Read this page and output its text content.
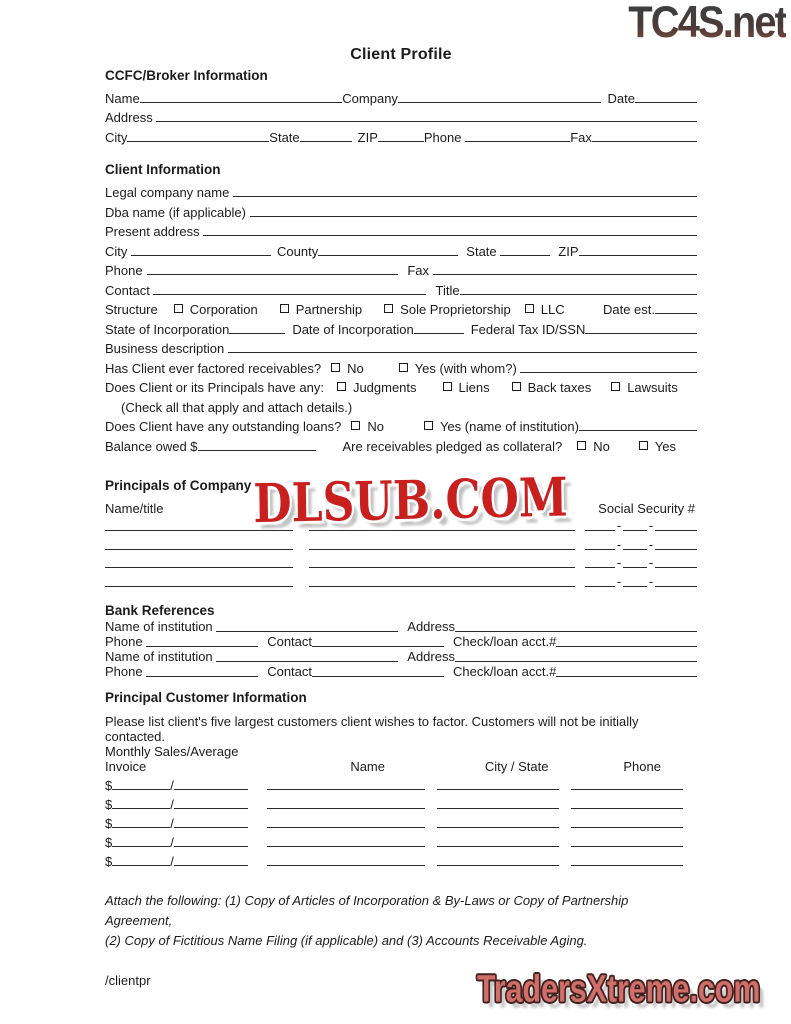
TC4S.net
DLSUB.COM
TradersXtreme.com
Client Profile
CCFC/Broker Information
Name	Company	Date
Address
City	State	ZIP	Phone	Fax
Client Information
Legal company name
Dba name (if applicable)
Present address
City	County	State	ZIP
Phone	Fax
Contact	Title
Structure Corporation	Partnership	Sole Proprietorship LLC	Date est.
State of Incorporation	Date of Incorporation	Federal Tax ID/SSN
Business description
Has Client ever factored receivables? No	Yes (with whom?)
Does Client or its Principals have any: Judgments	Liens	Back taxes	Lawsuits
(Check all that apply and attach details.)
Does Client have any outstanding loans? No	Yes (name of institution)
Balance owed $	Are receivables pledged as collateral? No	Yes
Principals of Company
Name/title	Social Security #
- -
- -
- -
- -
Bank References
Name of institution	Address
Phone	Contact	Check/loan acct.#
Name of institution	Address
Phone	Contact	Check/loan acct.#
Principal Customer Information
Please list client's five largest customers client wishes to factor. Customers will not be initially contacted.
Monthly Sales/Average Invoice	Name	City / State	Phone
$	/
$	/
$	/
$	/
$	/
Attach the following: (1) Copy of Articles of Incorporation & By-Laws or Copy of Partnership Agreement,
(2) Copy of Fictitious Name Filing (if applicable) and (3) Accounts Receivable Aging.
/clientpr
